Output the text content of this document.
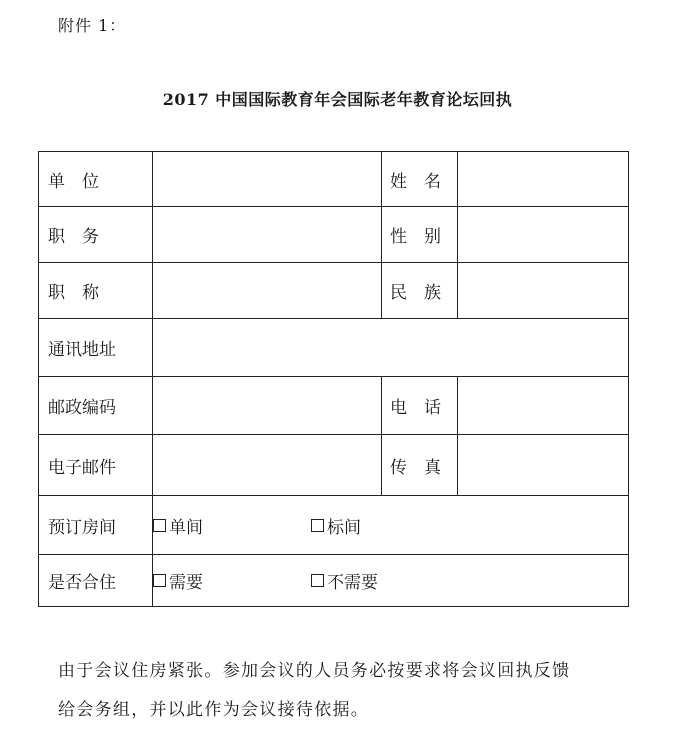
附件 1：
2017 中国国际教育年会国际老年教育论坛回执
单　位		姓　名	
职　务		性　别	
职　称		民　族	
通讯地址			
邮政编码		电　话	
电子邮件		传　真	
预订房间	单间 标间		

是否合住	需要 不需要		
由于会议住房紧张。参加会议的人员务必按要求将会议回执反馈
给会务组，并以此作为会议接待依据。
